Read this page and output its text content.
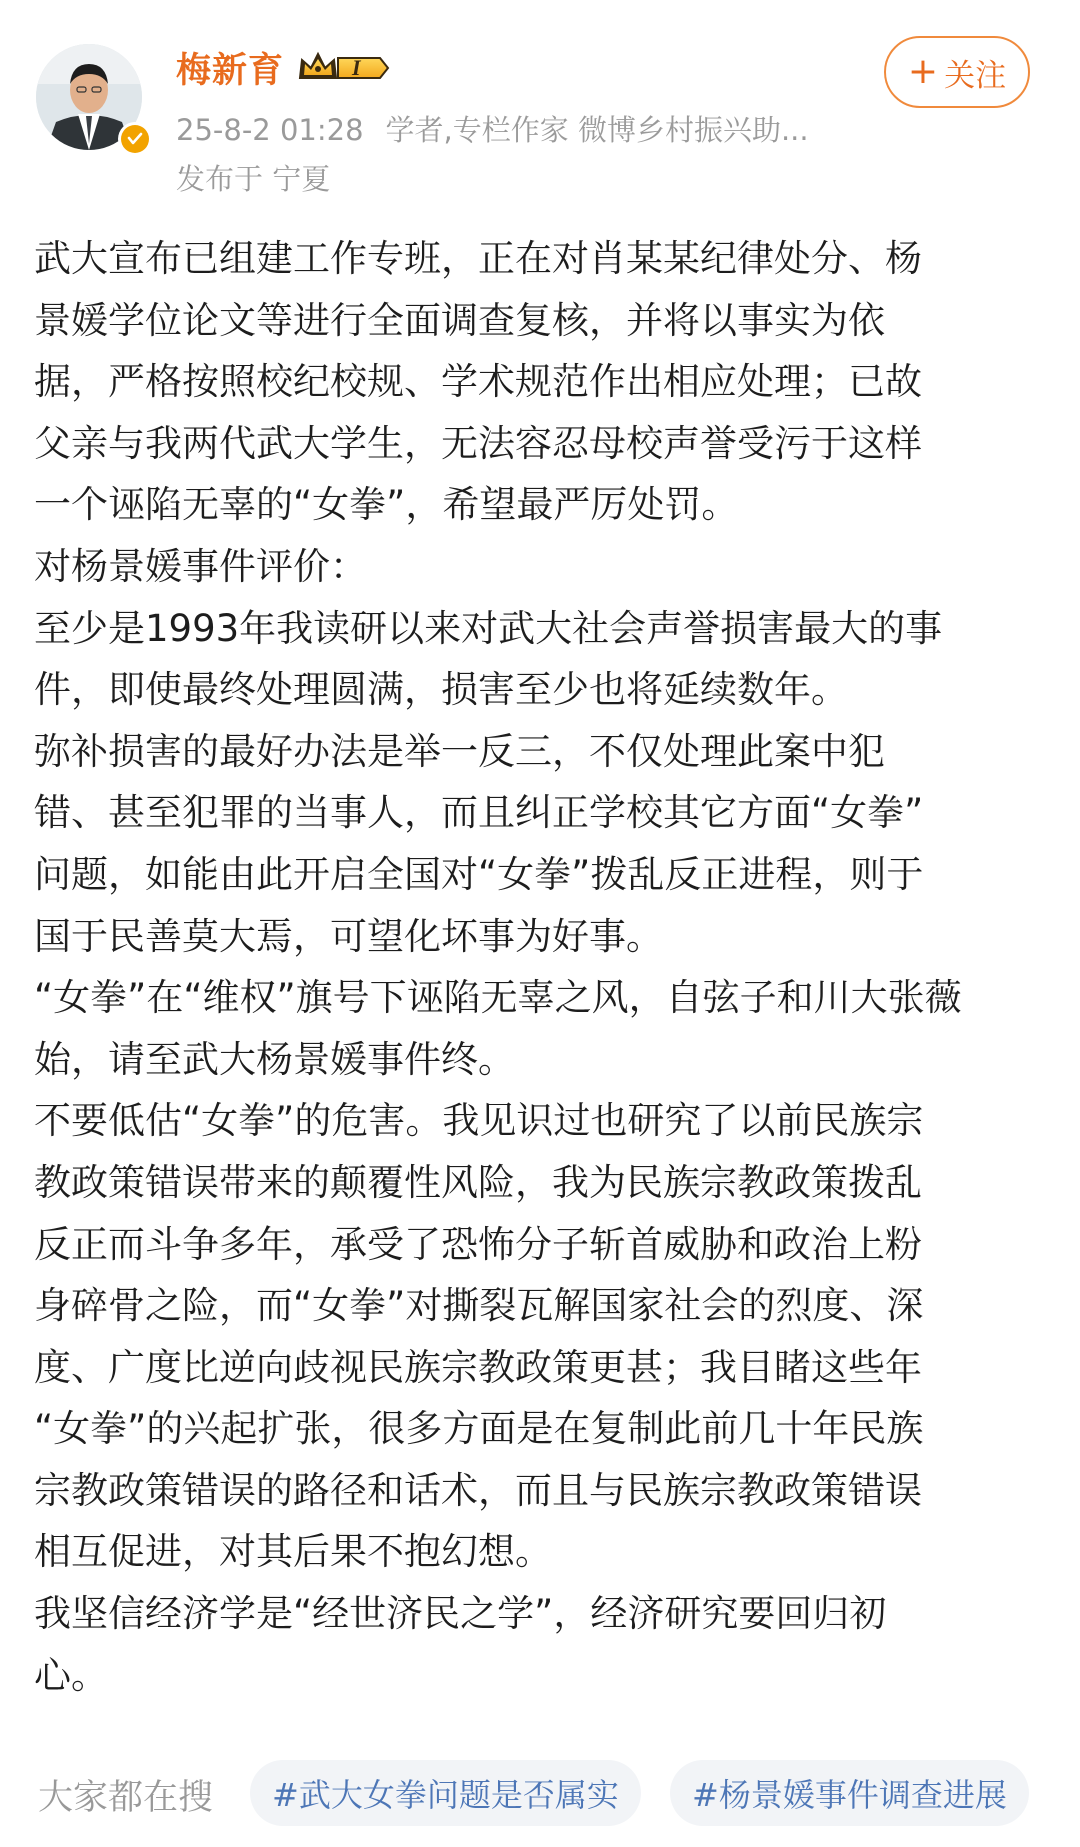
梅新育	I
25-8-2 01:28 学者,专栏作家 微博乡村振兴助...
发布于 宁夏
+ 关注

武大宣布已组建工作专班，正在对肖某某纪律处分、杨
景媛学位论文等进行全面调查复核，并将以事实为依
据，严格按照校纪校规、学术规范作出相应处理；已故
父亲与我两代武大学生，无法容忍母校声誉受污于这样
一个诬陷无辜的“女拳”，希望最严厉处罚。

对杨景媛事件评价：

至少是1993年我读研以来对武大社会声誉损害最大的事
件，即使最终处理圆满，损害至少也将延续数年。

弥补损害的最好办法是举一反三，不仅处理此案中犯
错、甚至犯罪的当事人，而且纠正学校其它方面“女拳”
问题，如能由此开启全国对“女拳”拨乱反正进程，则于
国于民善莫大焉，可望化坏事为好事。

“女拳”在“维权”旗号下诬陷无辜之风，自弦子和川大张薇
始，请至武大杨景媛事件终。

不要低估“女拳”的危害。我见识过也研究了以前民族宗
教政策错误带来的颠覆性风险，我为民族宗教政策拨乱
反正而斗争多年，承受了恐怖分子斩首威胁和政治上粉
身碎骨之险，而“女拳”对撕裂瓦解国家社会的烈度、深
度、广度比逆向歧视民族宗教政策更甚；我目睹这些年
“女拳”的兴起扩张，很多方面是在复制此前几十年民族
宗教政策错误的路径和话术，而且与民族宗教政策错误
相互促进，对其后果不抱幻想。

我坚信经济学是“经世济民之学”，经济研究要回归初
心。

大家都在搜	#武大女拳问题是否属实	#杨景媛事件调查进展
